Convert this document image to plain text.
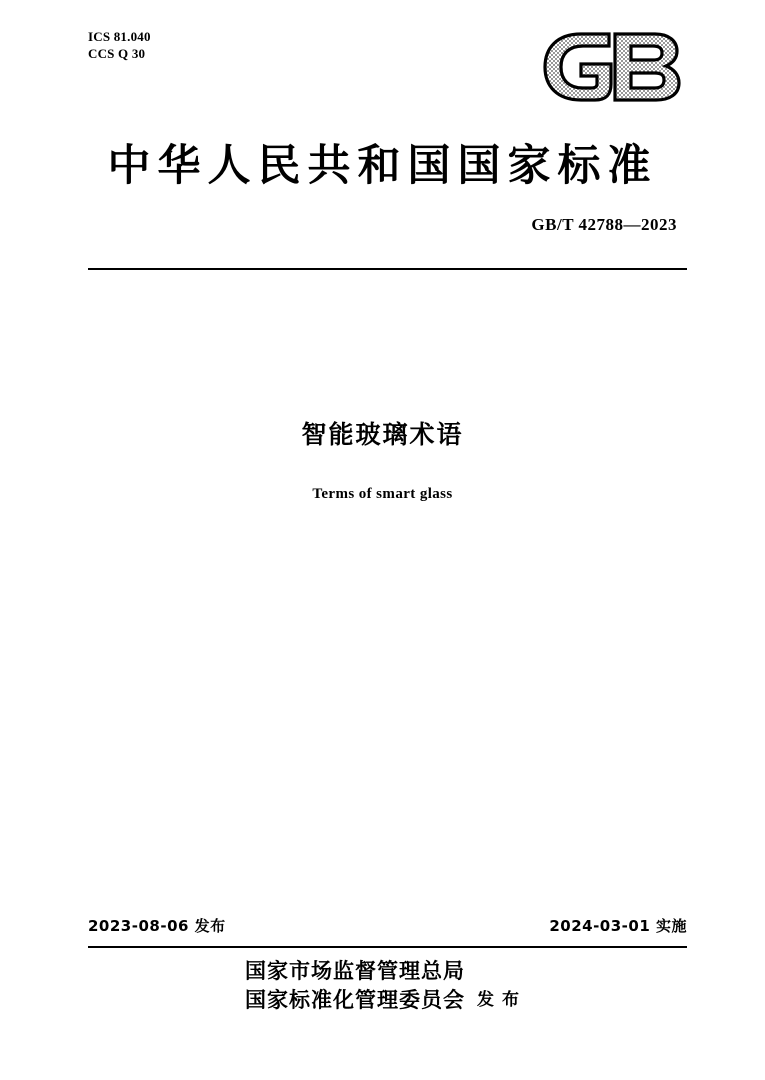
ICS 81.040
CCS Q 30
中华人民共和国国家标准
GB/T 42788—2023
智能玻璃术语
Terms of smart glass
2023-08-06 发布	2024-03-01 实施
国家市场监督管理总局
国家标准化管理委员会 发 布
